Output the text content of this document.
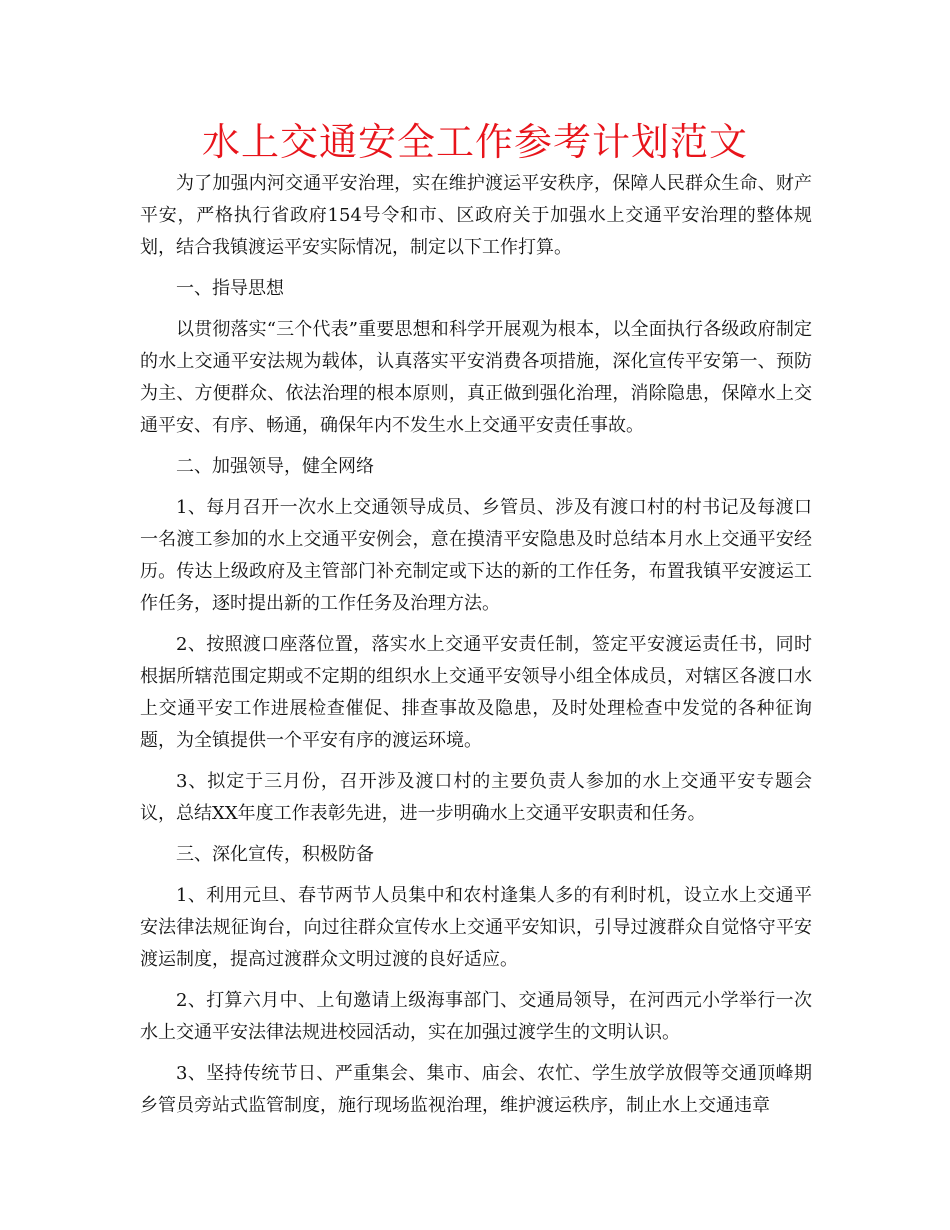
水上交通安全工作参考计划范文

为了加强内河交通平安治理，实在维护渡运平安秩序，保障人民群众生命、财产平安，严格执行省政府154号令和市、区政府关于加强水上交通平安治理的整体规划，结合我镇渡运平安实际情况，制定以下工作打算。

一、指导思想

以贯彻落实“三个代表”重要思想和科学开展观为根本，以全面执行各级政府制定的水上交通平安法规为载体，认真落实平安消费各项措施，深化宣传平安第一、预防为主、方便群众、依法治理的根本原则，真正做到强化治理，消除隐患，保障水上交通平安、有序、畅通，确保年内不发生水上交通平安责任事故。

二、加强领导，健全网络

1、每月召开一次水上交通领导成员、乡管员、涉及有渡口村的村书记及每渡口一名渡工参加的水上交通平安例会，意在摸清平安隐患及时总结本月水上交通平安经历。传达上级政府及主管部门补充制定或下达的新的工作任务，布置我镇平安渡运工作任务，逐时提出新的工作任务及治理方法。

2、按照渡口座落位置，落实水上交通平安责任制，签定平安渡运责任书，同时根据所辖范围定期或不定期的组织水上交通平安领导小组全体成员，对辖区各渡口水上交通平安工作进展检查催促、排查事故及隐患，及时处理检查中发觉的各种征询题，为全镇提供一个平安有序的渡运环境。

3、拟定于三月份，召开涉及渡口村的主要负责人参加的水上交通平安专题会议，总结XX年度工作表彰先进，进一步明确水上交通平安职责和任务。

三、深化宣传，积极防备

1、利用元旦、春节两节人员集中和农村逢集人多的有利时机，设立水上交通平安法律法规征询台，向过往群众宣传水上交通平安知识，引导过渡群众自觉恪守平安渡运制度，提高过渡群众文明过渡的良好适应。

2、打算六月中、上旬邀请上级海事部门、交通局领导，在河西元小学举行一次水上交通平安法律法规进校园活动，实在加强过渡学生的文明认识。

3、坚持传统节日、严重集会、集市、庙会、农忙、学生放学放假等交通顶峰期乡管员旁站式监管制度，施行现场监视治理，维护渡运秩序，制止水上交通违章
